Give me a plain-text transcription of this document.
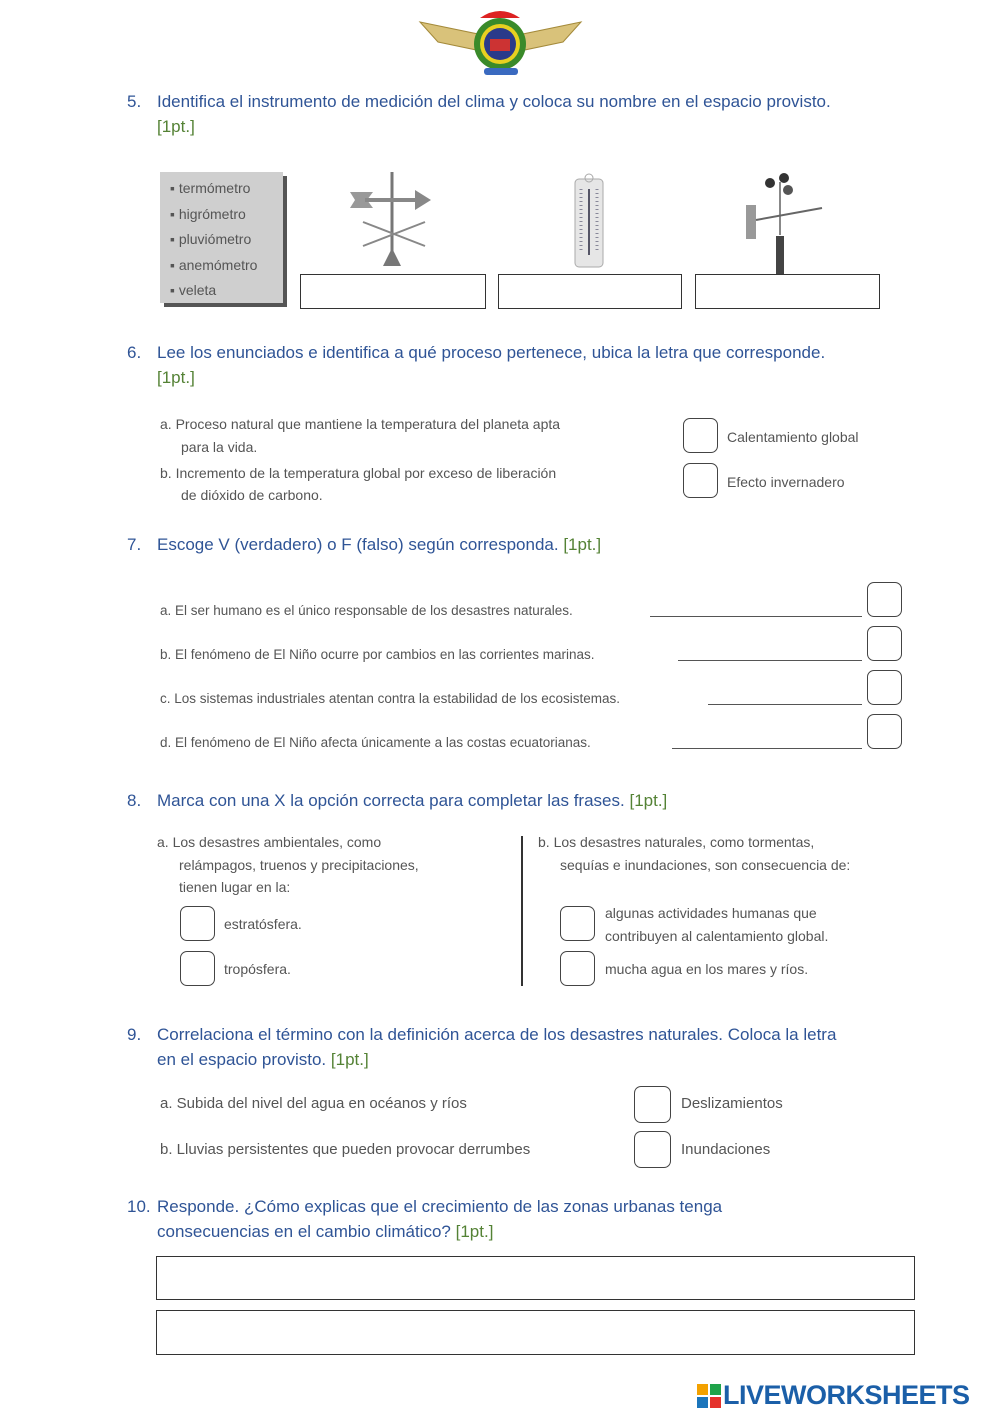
5. Identifica el instrumento de medición del clima y coloca su nombre en el espacio provisto. [1pt.]
▪ termómetro
▪ higrómetro
▪ pluviómetro
▪ anemómetro
▪ veleta
6. Lee los enunciados e identifica a qué proceso pertenece, ubica la letra que corresponde. [1pt.]
a. Proceso natural que mantiene la temperatura del planeta apta
para la vida.
b. Incremento de la temperatura global por exceso de liberación
de dióxido de carbono.
Calentamiento global
Efecto invernadero
7. Escoge V (verdadero) o F (falso) según corresponda. [1pt.]
a. El ser humano es el único responsable de los desastres naturales.
b. El fenómeno de El Niño ocurre por cambios en las corrientes marinas.
c. Los sistemas industriales atentan contra la estabilidad de los ecosistemas.
d. El fenómeno de El Niño afecta únicamente a las costas ecuatorianas.
8. Marca con una X la opción correcta para completar las frases. [1pt.]
a. Los desastres ambientales, como
relámpagos, truenos y precipitaciones,
tienen lugar en la:
estratósfera.
tropósfera.
b. Los desastres naturales, como tormentas,
sequías e inundaciones, son consecuencia de:
algunas actividades humanas que
contribuyen al calentamiento global.
mucha agua en los mares y ríos.
9. Correlaciona el término con la definición acerca de los desastres naturales. Coloca la letra en el espacio provisto. [1pt.]
a. Subida del nivel del agua en océanos y ríos
b. Lluvias persistentes que pueden provocar derrumbes
Deslizamientos
Inundaciones
10. Responde. ¿Cómo explicas que el crecimiento de las zonas urbanas tenga consecuencias en el cambio climático? [1pt.]
LIVEWORKSHEETS
